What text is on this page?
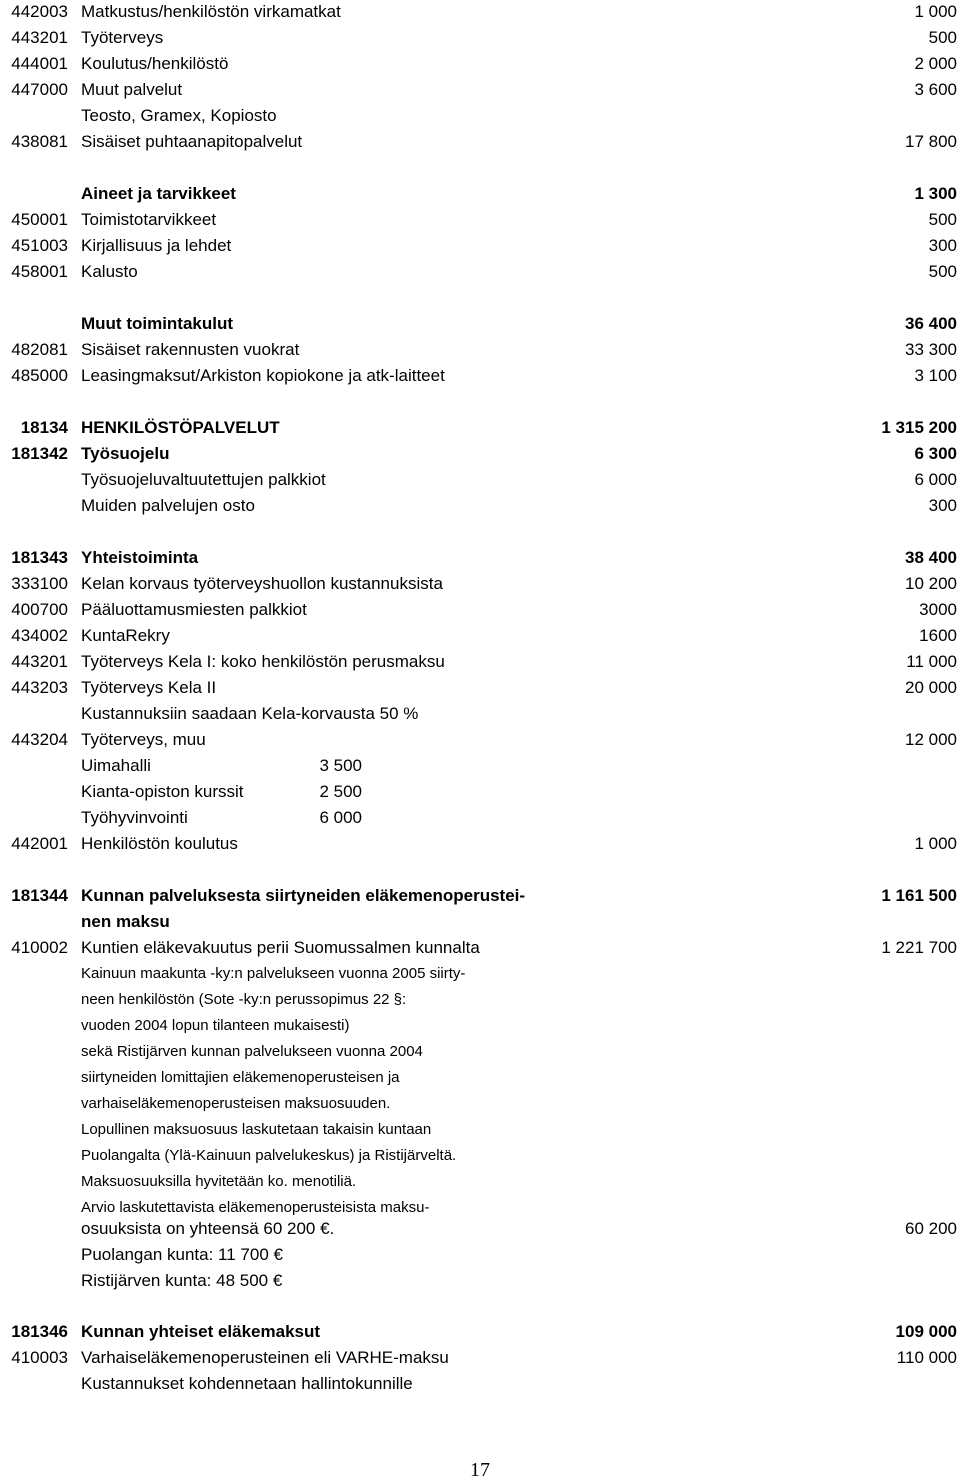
442003 Matkustus/henkilöstön virkamatkat	1 000
443201 Työterveys	500
444001 Koulutus/henkilöstö	2 000
447000 Muut palvelut	3 600
Teosto, Gramex, Kopiosto
438081 Sisäiset puhtaanapitopalvelut	17 800
Aineet ja tarvikkeet	1 300
450001 Toimistotarvikkeet	500
451003 Kirjallisuus ja lehdet	300
458001 Kalusto	500
Muut toimintakulut	36 400
482081 Sisäiset rakennusten vuokrat	33 300
485000 Leasingmaksut/Arkiston kopiokone ja atk-laitteet	3 100
18134 HENKILÖSTÖPALVELUT	1 315 200
181342 Työsuojelu	6 300
Työsuojeluvaltuutettujen palkkiot	6 000
Muiden palvelujen osto	300
181343 Yhteistoiminta	38 400
333100 Kelan korvaus työterveyshuollon kustannuksista	10 200
400700 Pääluottamusmiesten palkkiot	3000
434002 KuntaRekry	1600
443201 Työterveys Kela I: koko henkilöstön perusmaksu	11 000
443203 Työterveys Kela II	20 000
Kustannuksiin saadaan Kela-korvausta 50 %
443204 Työterveys, muu	12 000
Uimahalli	3 500
Kianta-opiston kurssit	2 500
Työhyvinvointi	6 000
442001 Henkilöstön koulutus	1 000
181344 Kunnan palveluksesta siirtyneiden eläkemenoperustei-	1 161 500
nen maksu
410002 Kuntien eläkevakuutus perii Suomussalmen kunnalta	1 221 700
Kainuun maakunta -ky:n palvelukseen vuonna 2005 siirty-
neen henkilöstön (Sote -ky:n perussopimus 22 §:
vuoden 2004 lopun tilanteen mukaisesti)
sekä Ristijärven kunnan palvelukseen vuonna 2004
siirtyneiden lomittajien eläkemenoperusteisen ja
varhaiseläkemenoperusteisen maksuosuuden.
Lopullinen maksuosuus laskutetaan takaisin kuntaan
Puolangalta (Ylä-Kainuun palvelukeskus) ja Ristijärveltä.
Maksuosuuksilla hyvitetään ko. menotiliä.
Arvio laskutettavista eläkemenoperusteisista maksu-
osuuksista on yhteensä 60 200 €.	60 200
Puolangan kunta: 11 700 €
Ristijärven kunta: 48 500 €
181346 Kunnan yhteiset eläkemaksut	109 000
410003 Varhaiseläkemenoperusteinen eli VARHE-maksu	110 000
Kustannukset kohdennetaan hallintokunnille
17
